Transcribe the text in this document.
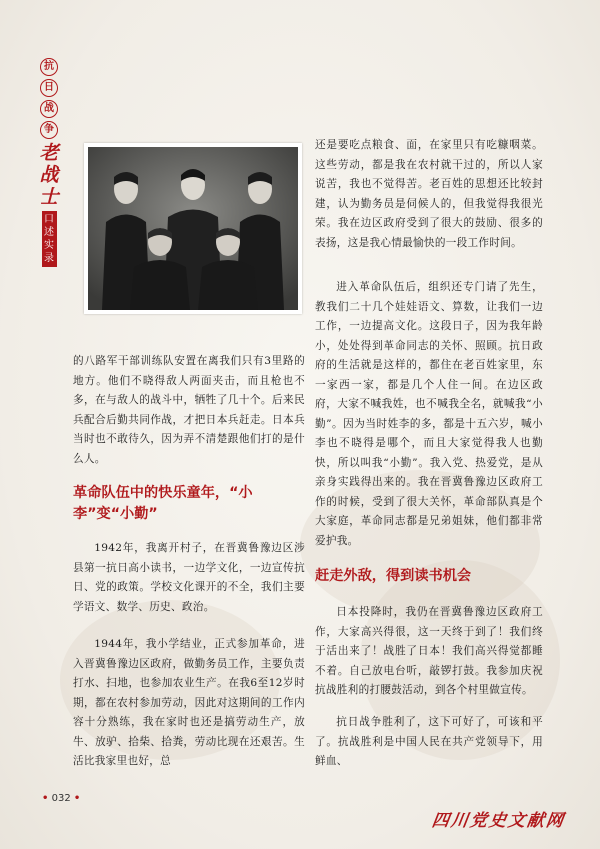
抗
日
战
争
老
战
士
口
述
实
录
的八路军干部训练队安置在离我们只有3里路的地方。他们不晓得敌人两面夹击，而且枪也不多，在与敌人的战斗中，牺牲了几十个。后来民兵配合后勤共同作战，才把日本兵赶走。日本兵当时也不敢待久，因为弄不清楚跟他们打的是什么人。
革命队伍中的快乐童年，“小李”变“小勤”
1942年，我离开村子，在晋冀鲁豫边区涉县第一抗日高小读书，一边学文化，一边宣传抗日、党的政策。学校文化课开的不全，我们主要学语文、数学、历史、政治。
1944年，我小学结业，正式参加革命，进入晋冀鲁豫边区政府，做勤务员工作，主要负责打水、扫地，也参加农业生产。在我6至12岁时期，都在农村参加劳动，因此对这期间的工作内容十分熟练，我在家时也还是搞劳动生产，放牛、放驴、拾柴、拾粪，劳动比现在还艰苦。生活比我家里也好，总
还是要吃点粮食、面，在家里只有吃糠咽菜。这些劳动，都是我在农村就干过的，所以人家说苦，我也不觉得苦。老百姓的思想还比较封建，认为勤务员是伺候人的，但我觉得我很光荣。我在边区政府受到了很大的鼓励、很多的表扬，这是我心情最愉快的一段工作时间。
进入革命队伍后，组织还专门请了先生，教我们二十几个娃娃语文、算数，让我们一边工作，一边提高文化。这段日子，因为我年龄小，处处得到革命同志的关怀、照顾。抗日政府的生活就是这样的，都住在老百姓家里，东一家西一家，都是几个人住一间。在边区政府，大家不喊我姓，也不喊我全名，就喊我“小勤”。因为当时姓李的多，都是十五六岁，喊小李也不晓得是哪个，而且大家觉得我人也勤快，所以叫我“小勤”。我入党、热爱党，是从亲身实践得出来的。我在晋冀鲁豫边区政府工作的时候，受到了很大关怀，革命部队真是个大家庭，革命同志都是兄弟姐妹，他们都非常爱护我。
赶走外敌，得到读书机会
日本投降时，我仍在晋冀鲁豫边区政府工作，大家高兴得很，这一天终于到了！我们终于活出来了！战胜了日本！我们高兴得觉都睡不着。自己放电台听，敲锣打鼓。我参加庆祝抗战胜利的打腰鼓活动，到各个村里做宣传。
抗日战争胜利了，这下可好了，可该和平了。抗战胜利是中国人民在共产党领导下，用鲜血、
• 032 •
四川党史文献网
